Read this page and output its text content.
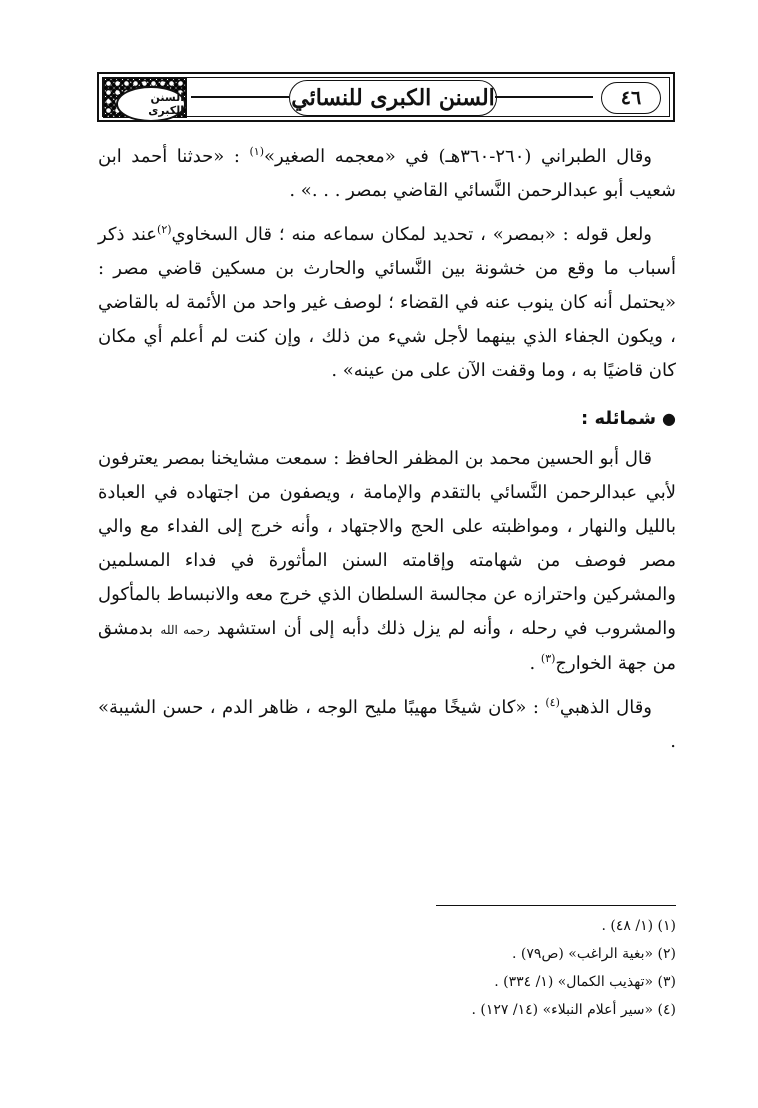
السنن الكبرى	السنن الكبرى للنسائي	٤٦

وقال الطبراني (٢٦٠-٣٦٠هـ) في «معجمه الصغير»$^{(١)}$ : «حدثنا أحمد ابن شعيب أبو عبدالرحمن النَّسائي القاضي بمصر . . .» .

ولعل قوله : «بمصر» ، تحديد لمكان سماعه منه ؛ قال السخاوي$^{(٢)}$عند ذكر أسباب ما وقع من خشونة بين النَّسائي والحارث بن مسكين قاضي مصر : «يحتمل أنه كان ينوب عنه في القضاء ؛ لوصف غير واحد من الأئمة له بالقاضي ، ويكون الجفاء الذي بينهما لأجل شيء من ذلك ، وإن كنت لم أعلم أي مكان كان قاضيًا به ، وما وقفت الآن على من عينه» .

●شمائله :

قال أبو الحسين محمد بن المظفر الحافظ : سمعت مشايخنا بمصر يعترفون لأبي عبدالرحمن النَّسائي بالتقدم والإمامة ، ويصفون من اجتهاده في العبادة بالليل والنهار ، ومواظبته على الحج والاجتهاد ، وأنه خرج إلى الفداء مع والي مصر فوصف من شهامته وإقامته السنن المأثورة في فداء المسلمين والمشركين واحترازه عن مجالسة السلطان الذي خرج معه والانبساط بالمأكول والمشروب في رحله ، وأنه لم يزل ذلك دأبه إلى أن استشهد رحمه الله بدمشق من جهة الخوارج$^{(٣)}$ .

وقال الذهبي$^{(٤)}$ : «كان شيخًا مهيبًا مليح الوجه ، ظاهر الدم ، حسن الشيبة» .

(١) (١/ ٤٨) .

(٢) «بغية الراغب» (ص٧٩) .

(٣) «تهذيب الكمال» (١/ ٣٣٤) .

(٤) «سير أعلام النبلاء» (١٤/ ١٢٧) .
